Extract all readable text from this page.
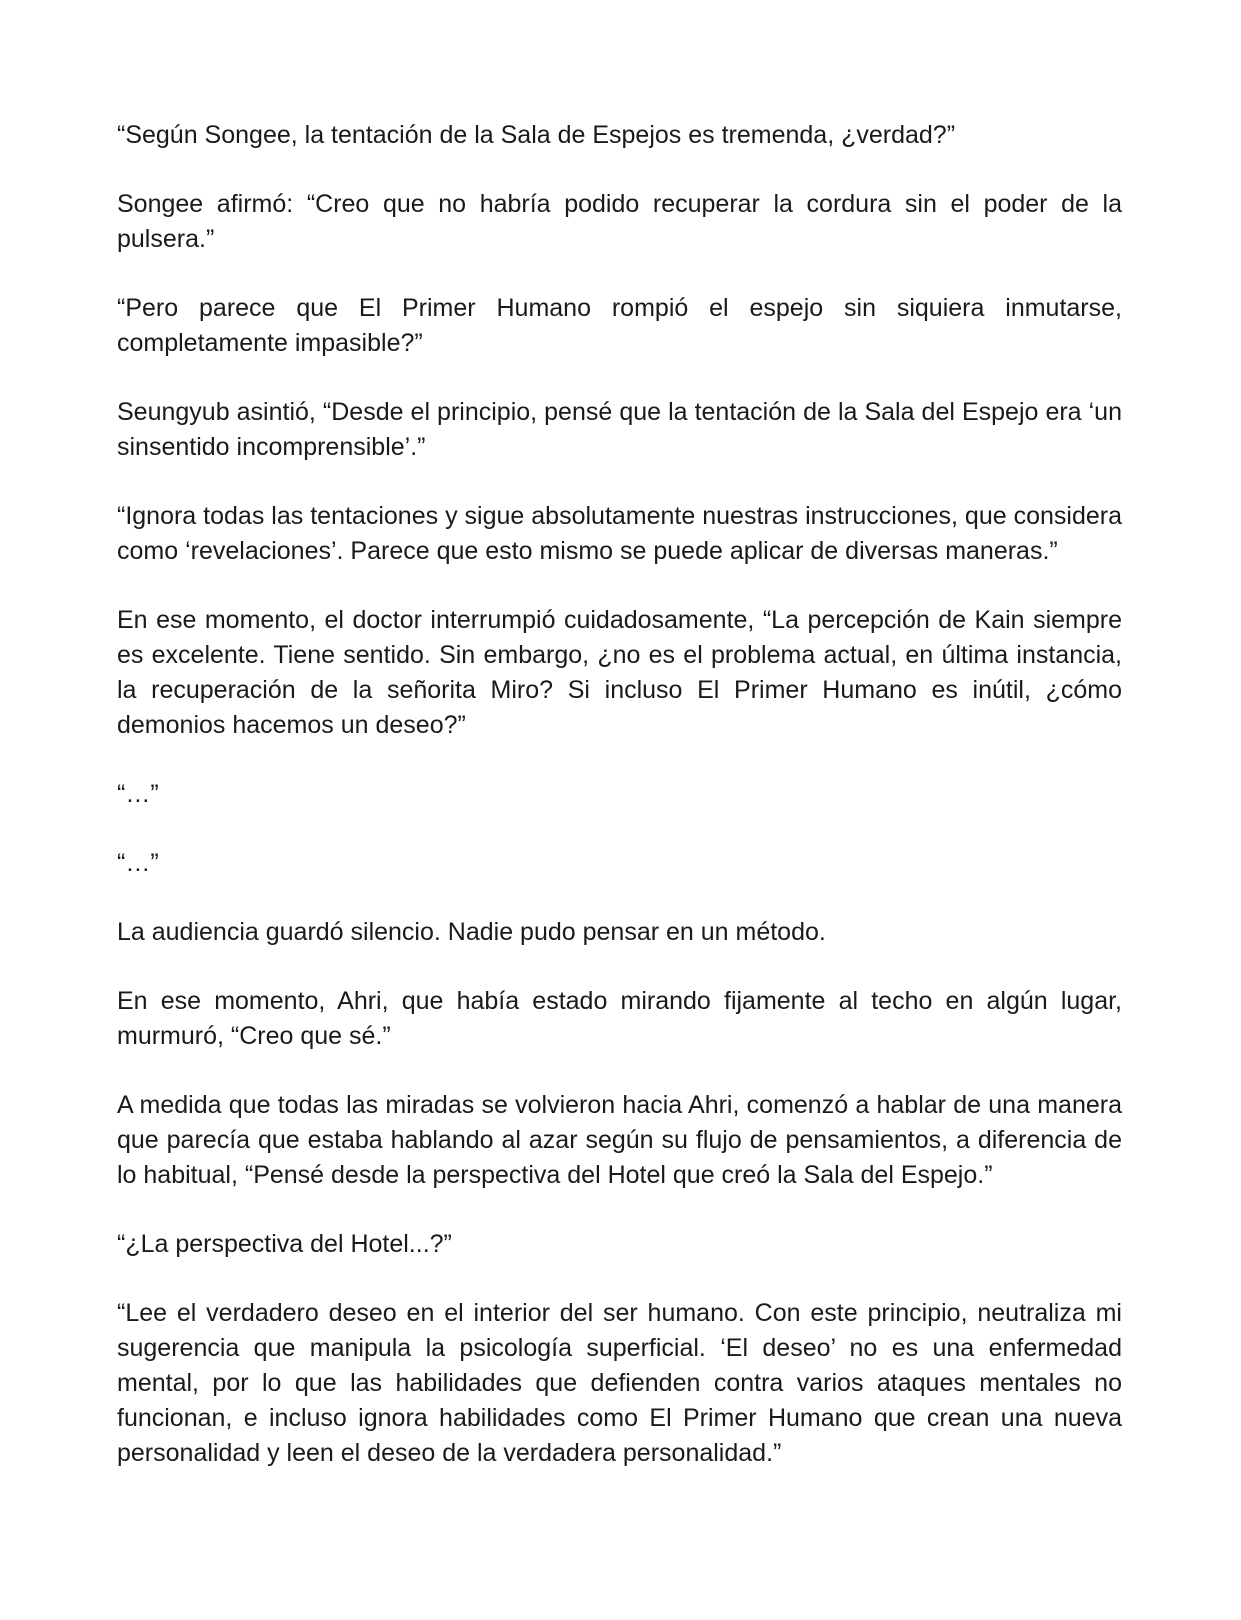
“Según Songee, la tentación de la Sala de Espejos es tremenda, ¿verdad?”

Songee afirmó: “Creo que no habría podido recuperar la cordura sin el poder de la pulsera.”

“Pero parece que El Primer Humano rompió el espejo sin siquiera inmutarse, completamente impasible?”

Seungyub asintió, “Desde el principio, pensé que la tentación de la Sala del Espejo era ‘un sinsentido incomprensible’.”

“Ignora todas las tentaciones y sigue absolutamente nuestras instrucciones, que considera como ‘revelaciones’. Parece que esto mismo se puede aplicar de diversas maneras.”

En ese momento, el doctor interrumpió cuidadosamente, “La percepción de Kain siempre es excelente. Tiene sentido. Sin embargo, ¿no es el problema actual, en última instancia, la recuperación de la señorita Miro? Si incluso El Primer Humano es inútil, ¿cómo demonios hacemos un deseo?”

“…”

“…”

La audiencia guardó silencio. Nadie pudo pensar en un método.

En ese momento, Ahri, que había estado mirando fijamente al techo en algún lugar, murmuró, “Creo que sé.”

A medida que todas las miradas se volvieron hacia Ahri, comenzó a hablar de una manera que parecía que estaba hablando al azar según su flujo de pensamientos, a diferencia de lo habitual, “Pensé desde la perspectiva del Hotel que creó la Sala del Espejo.”

“¿La perspectiva del Hotel...?”

“Lee el verdadero deseo en el interior del ser humano. Con este principio, neutraliza mi sugerencia que manipula la psicología superficial. ‘El deseo’ no es una enfermedad mental, por lo que las habilidades que defienden contra varios ataques mentales no funcionan, e incluso ignora habilidades como El Primer Humano que crean una nueva personalidad y leen el deseo de la verdadera personalidad.”
